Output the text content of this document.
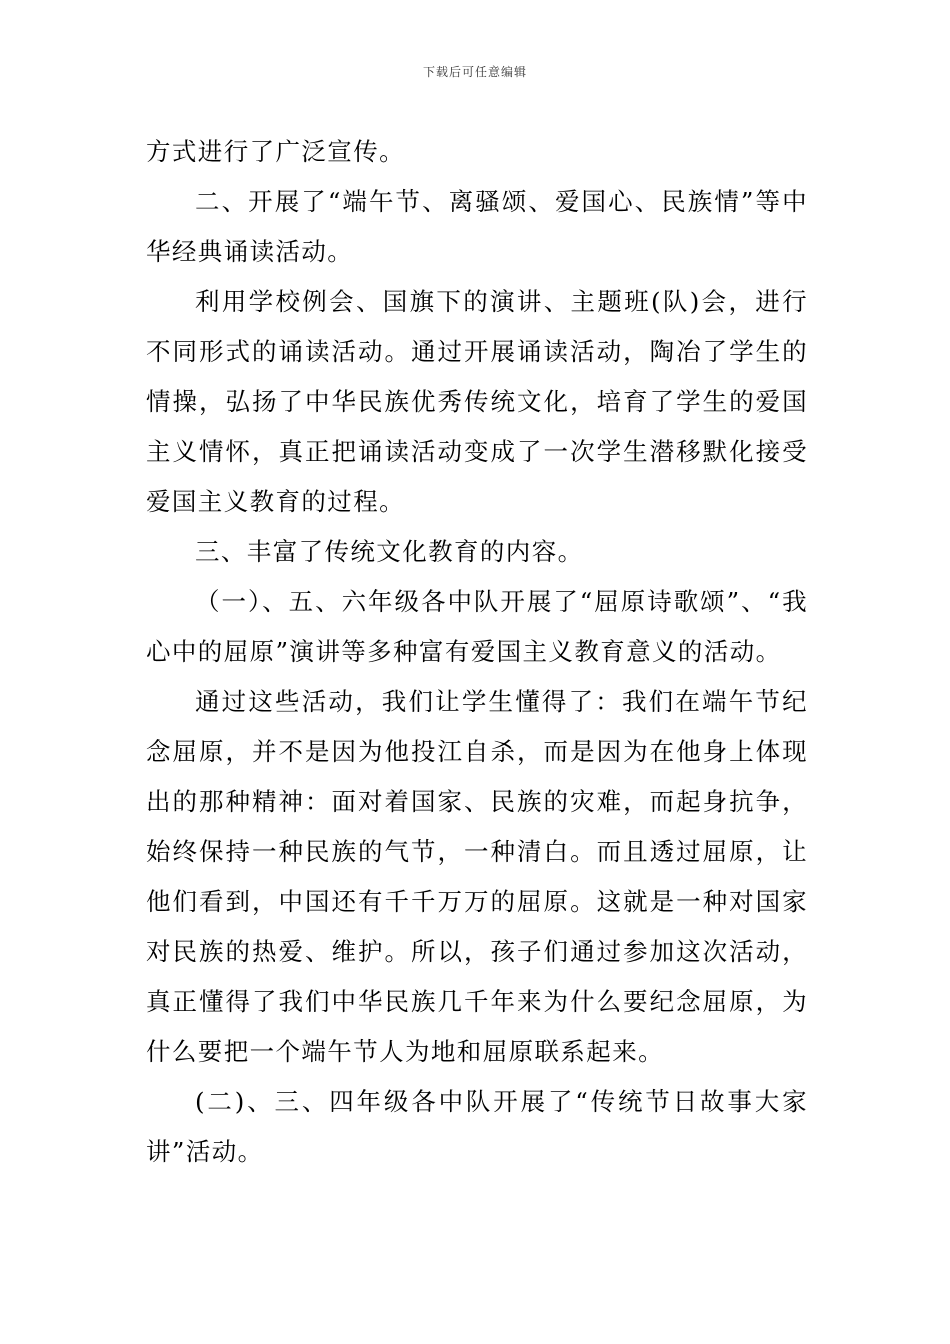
下载后可任意编辑

方式进行了广泛宣传。

二、开展了“端午节、离骚颂、爱国心、民族情”等中华经典诵读活动。

利用学校例会、国旗下的演讲、主题班(队)会，进行不同形式的诵读活动。通过开展诵读活动，陶冶了学生的情操，弘扬了中华民族优秀传统文化，培育了学生的爱国主义情怀，真正把诵读活动变成了一次学生潜移默化接受爱国主义教育的过程。

三、丰富了传统文化教育的内容。

（一）、五、六年级各中队开展了“屈原诗歌颂”、“我心中的屈原”演讲等多种富有爱国主义教育意义的活动。

通过这些活动，我们让学生懂得了：我们在端午节纪念屈原，并不是因为他投江自杀，而是因为在他身上体现出的那种精神：面对着国家、民族的灾难，而起身抗争，始终保持一种民族的气节，一种清白。而且透过屈原，让他们看到，中国还有千千万万的屈原。这就是一种对国家对民族的热爱、维护。所以，孩子们通过参加这次活动，真正懂得了我们中华民族几千年来为什么要纪念屈原，为什么要把一个端午节人为地和屈原联系起来。

(二)、三、四年级各中队开展了“传统节日故事大家讲”活动。
